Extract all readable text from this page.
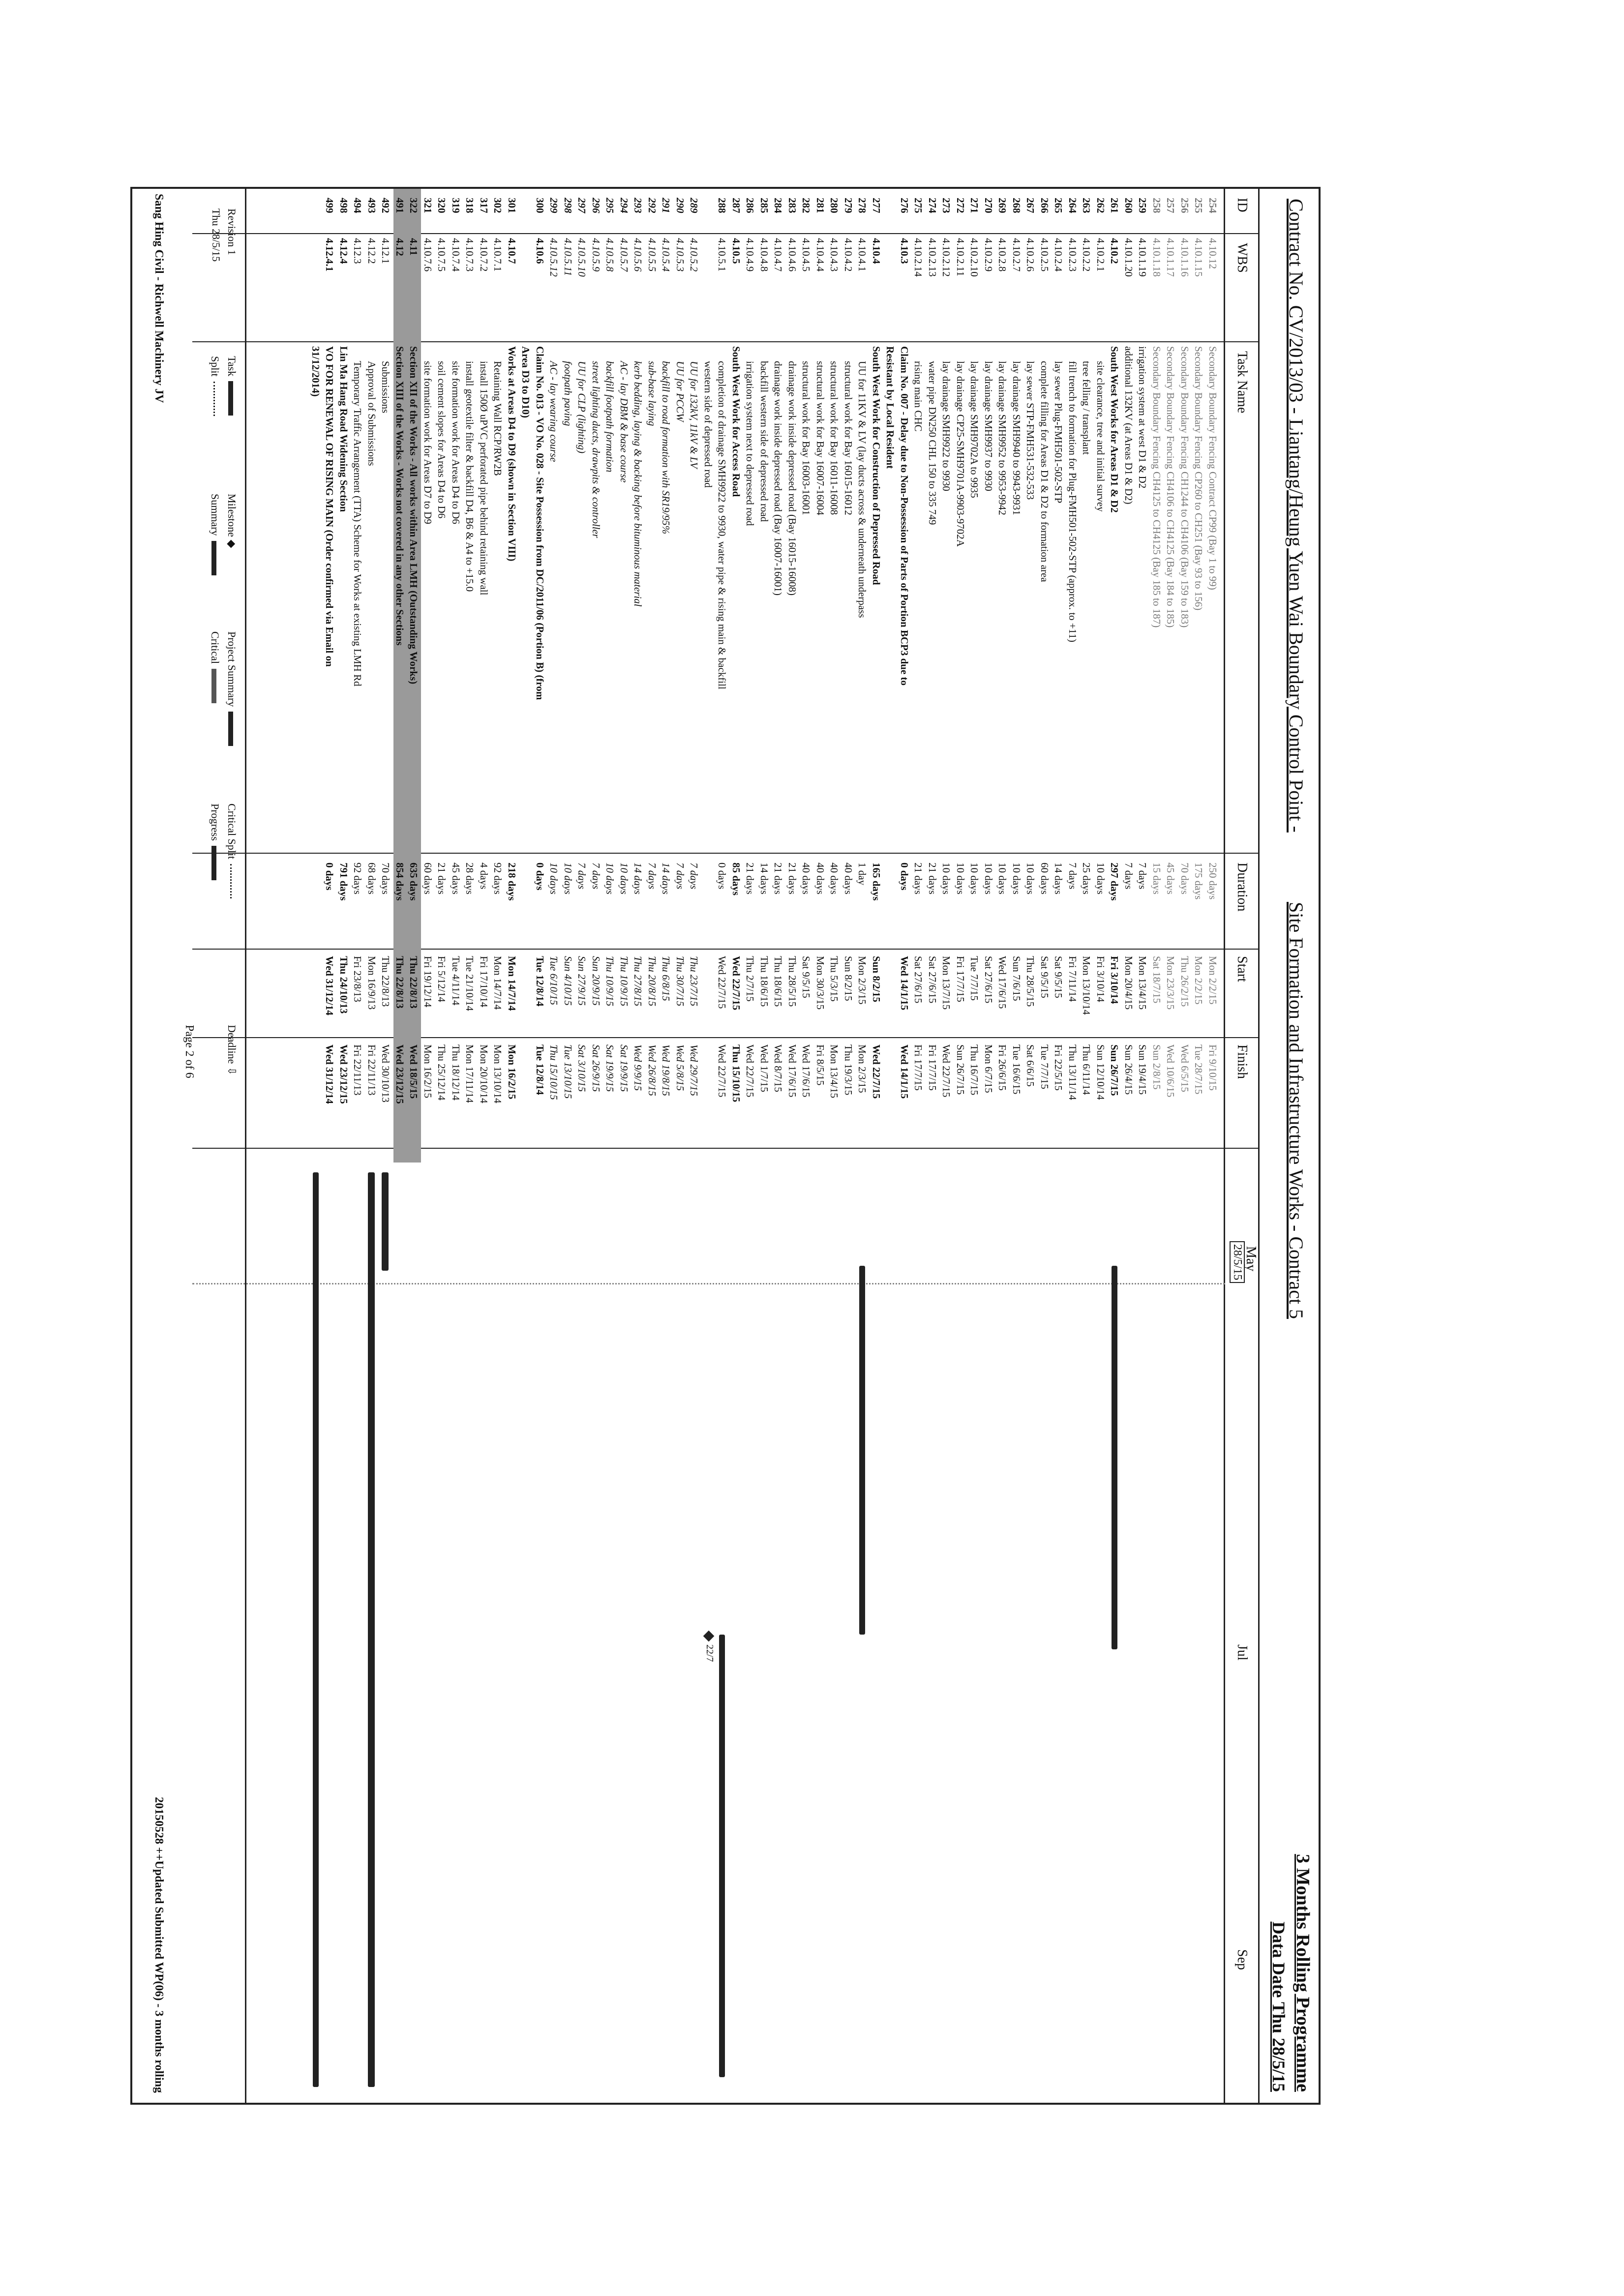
Contract No. CV/2013/03 - Liantang/Heung Yuen Wai Boundary Control Point -
Site Formation and Infrastructure Works - Contract 5
3 Months Rolling Programme
Data Date Thu 28/5/15
ID
WBS
Task Name
Duration
Start
Finish
May
28/5/15
Jul
Sep
254
4.10.12
Secondary Boundary Fencing Contract CP99 (Bay 1 to 99)
250 days
Mon 2/2/15
Fri 9/10/15
255
4.10.1.15
Secondary Boundary Fencing CP260 to CH251 (Bay 93 to 156)
175 days
Mon 2/2/15
Tue 28/7/15
256
4.10.1.16
Secondary Boundary Fencing CH1244 to CH4106 (Bay 159 to 183)
70 days
Thu 26/2/15
Wed 6/5/15
257
4.10.1.17
Secondary Boundary Fencing CH4106 to CH4125 (Bay 184 to 185)
45 days
Mon 23/3/15
Wed 10/6/15
258
4.10.1.18
Secondary Boundary Fencing CH4125 to CH4125 (Bay 185 to 187)
15 days
Sat 18/7/15
Sun 2/8/15
259
4.10.1.19
irrigation system at west D1 & D2
7 days
Mon 13/4/15
Sun 19/4/15
260
4.10.1.20
additional 132KV (at Areas D1 & D2)
7 days
Mon 20/4/15
Sun 26/4/15
261
4.10.2
South West Works for Areas D1 & D2
297 days
Fri 3/10/14
Sun 26/7/15
262
4.10.2.1
site clearance, tree and initial survey
10 days
Fri 3/10/14
Sun 12/10/14
263
4.10.2.2
tree felling / transplant
25 days
Mon 13/10/14
Thu 6/11/14
264
4.10.2.3
fill trench to formation for Plug-FMH501-502-STP (approx. to +11)
7 days
Fri 7/11/14
Thu 13/11/14
265
4.10.2.4
lay sewer Plug-FMH501-502-STP
14 days
Sat 9/5/15
Fri 22/5/15
266
4.10.2.5
complete filling for Areas D1 & D2 to formation area
60 days
Sat 9/5/15
Tue 7/7/15
267
4.10.2.6
lay sewer STP-FMH531-532-533
10 days
Thu 28/5/15
Sat 6/6/15
268
4.10.2.7
lay drainage SMH9940 to 9943-9931
10 days
Sun 7/6/15
Tue 16/6/15
269
4.10.2.8
lay drainage SMH9952 to 9953-9942
10 days
Wed 17/6/15
Fri 26/6/15
270
4.10.2.9
lay drainage SMH9937 to 9930
10 days
Sat 27/6/15
Mon 6/7/15
271
4.10.2.10
lay drainage SMH9702A to 9935
10 days
Tue 7/7/15
Thu 16/7/15
272
4.10.2.11
lay drainage CP25-SMH9701A-9903-9702A
10 days
Fri 17/7/15
Sun 26/7/15
273
4.10.2.12
lay drainage SMH9922 to 9930
10 days
Mon 13/7/15
Wed 22/7/15
274
4.10.2.13
water pipe DN250 CHL 150 to 335 749
21 days
Sat 27/6/15
Fri 17/7/15
275
4.10.2.14
rising main CHC
21 days
Sat 27/6/15
Fri 17/7/15
276
4.10.3
Claim No. 007 - Delay due to Non-Possession of Parts of Portion BCP3 due to
0 days
Wed 14/1/15
Wed 14/1/15
Resistant by Local Resident
277
4.10.4
South West Work for Construction of Depressed Road
165 days
Sun 8/2/15
Wed 22/7/15
278
4.10.4.1
UU for 11KV & LV (lay ducts across & underneath underpass
1 day
Mon 2/3/15
Mon 2/3/15
279
4.10.4.2
structural work for Bay 16015-16012
40 days
Sun 8/2/15
Thu 19/3/15
280
4.10.4.3
structural work for Bay 16011-16008
40 days
Thu 5/3/15
Mon 13/4/15
281
4.10.4.4
structural work for Bay 16007-16004
40 days
Mon 30/3/15
Fri 8/5/15
282
4.10.4.5
structural work for Bay 16003-16001
40 days
Sat 9/5/15
Wed 17/6/15
283
4.10.4.6
drainage work inside depressed road (Bay 16015-16008)
21 days
Thu 28/5/15
Wed 17/6/15
284
4.10.4.7
drainage work inside depressed road (Bay 16007-16001)
21 days
Thu 18/6/15
Wed 8/7/15
285
4.10.4.8
backfill western side of depressed road
14 days
Thu 18/6/15
Wed 1/7/15
286
4.10.4.9
irrigation system next to depressed road
21 days
Thu 2/7/15
Wed 22/7/15
287
4.10.5
South West Work for Access Road
85 days
Wed 22/7/15
Thu 15/10/15
288
4.10.5.1
completion of drainage SMH9922 to 9930, water pipe & rising main & backfill
0 days
Wed 22/7/15
Wed 22/7/15
western side of depressed road
289
4.10.5.2
UU for 132kV, 11kV & LV
7 days
Thu 23/7/15
Wed 29/7/15
290
4.10.5.3
UU for PCCW
7 days
Thu 30/7/15
Wed 5/8/15
291
4.10.5.4
backfill to road formation with SR19/95%
14 days
Thu 6/8/15
Wed 19/8/15
292
4.10.5.5
sub-base laying
7 days
Thu 20/8/15
Wed 26/8/15
293
4.10.5.6
kerb bedding, laying & backing before bituminous material
14 days
Thu 27/8/15
Wed 9/9/15
294
4.10.5.7
AC - lay DBM & base course
10 days
Thu 10/9/15
Sat 19/9/15
295
4.10.5.8
backfill footpath formation
10 days
Thu 10/9/15
Sat 19/9/15
296
4.10.5.9
street lighting ducts, drawpits & controller
7 days
Sun 20/9/15
Sat 26/9/15
297
4.10.5.10
UU for CLP (lighting)
7 days
Sun 27/9/15
Sat 3/10/15
298
4.10.5.11
footpath paving
10 days
Sun 4/10/15
Tue 13/10/15
299
4.10.5.12
AC - lay wearing course
10 days
Tue 6/10/15
Thu 15/10/15
300
4.10.6
Claim No. 013 - VO No. 028 - Site Possession from DC/2011/06 (Portion B) (from
0 days
Tue 12/8/14
Tue 12/8/14
Area D3 to D10)
301
4.10.7
Works at Areas D4 to D9 (shown in Section VIII)
218 days
Mon 14/7/14
Mon 16/2/15
302
4.10.7.1
Retaining Wall RCP/RW2B
92 days
Mon 14/7/14
Mon 13/10/14
317
4.10.7.2
install 150Ø uPVC perforated pipe behind retaining wall
4 days
Fri 17/10/14
Mon 20/10/14
318
4.10.7.3
install geotextile filter & backfill D4, B6 & A4 to +15.0
28 days
Tue 21/10/14
Mon 17/11/14
319
4.10.7.4
site formation work for Areas D4 to D6
45 days
Tue 4/11/14
Thu 18/12/14
320
4.10.7.5
soil cement slopes for Areas D4 to D6
21 days
Fri 5/12/14
Thu 25/12/14
321
4.10.7.6
site formation work for Areas D7 to D9
60 days
Fri 19/12/14
Mon 16/2/15
322
4.11
Section XII of the Works - All works within Area LMH (Outstanding Works)
635 days
Thu 22/8/13
Wed 18/5/15
491
4.12
Section XIII of the Works - Works not covered in any other Sections
854 days
Thu 22/8/13
Wed 23/12/15
492
4.12.1
Submissions
70 days
Thu 22/8/13
Wed 30/10/13
493
4.12.2
Approval of Submissions
68 days
Mon 16/9/13
Fri 22/11/13
494
4.12.3
Temporary Traffic Arrangement (TTA) Scheme for Works at existing LMH Rd
92 days
Fri 23/8/13
Fri 22/11/13
498
4.12.4
Lin Ma Hang Road Widening Section
791 days
Thu 24/10/13
Wed 23/12/15
499
4.12.4.1
VO FOR RENEWAL OF RISING MAIN (Order confirmed via Email on
0 days
Wed 31/12/14
Wed 31/12/14
31/12/2014)
22/7
Revision 1
Thu 28/5/15
Task
Split
Milestone ◆
Summary
Project Summary
Critical
Critical Split
Progress
Deadline ⇩
Page 2 of 6
Sang Hing Civil - Richwell Machinery JV
20150528 ++Updated Submitted WP(06) - 3 months rolling
